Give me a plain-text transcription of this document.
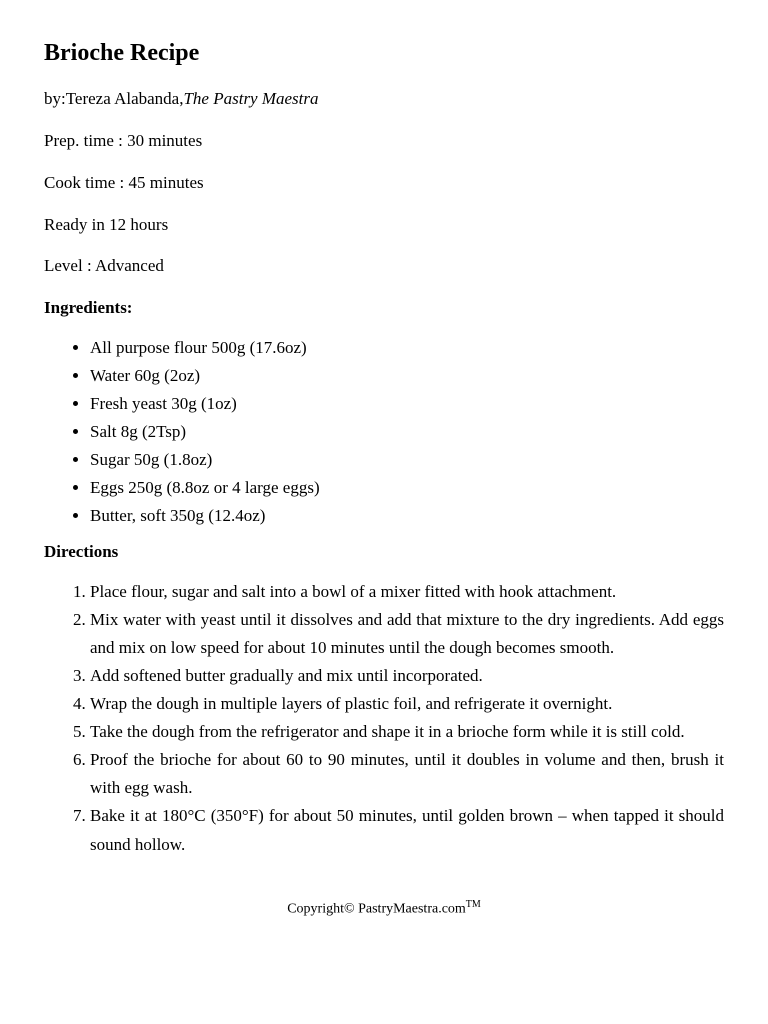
Brioche Recipe

by:Tereza Alabanda,The Pastry Maestra

Prep. time : 30 minutes

Cook time : 45 minutes

Ready in 12 hours

Level : Advanced

Ingredients:

• All purpose flour 500g (17.6oz)
• Water 60g (2oz)
• Fresh yeast 30g (1oz)
• Salt 8g (2Tsp)
• Sugar 50g (1.8oz)
• Eggs 250g (8.8oz or 4 large eggs)
• Butter, soft 350g (12.4oz)

Directions

1. Place flour, sugar and salt into a bowl of a mixer fitted with hook attachment.
2. Mix water with yeast until it dissolves and add that mixture to the dry ingredients. Add eggs and mix on low speed for about 10 minutes until the dough becomes smooth.
3. Add softened butter gradually and mix until incorporated.
4. Wrap the dough in multiple layers of plastic foil, and refrigerate it overnight.
5. Take the dough from the refrigerator and shape it in a brioche form while it is still cold.
6. Proof the brioche for about 60 to 90 minutes, until it doubles in volume and then, brush it with egg wash.
7. Bake it at 180°C (350°F) for about 50 minutes, until golden brown – when tapped it should sound hollow.
Copyright© PastryMaestra.com™
